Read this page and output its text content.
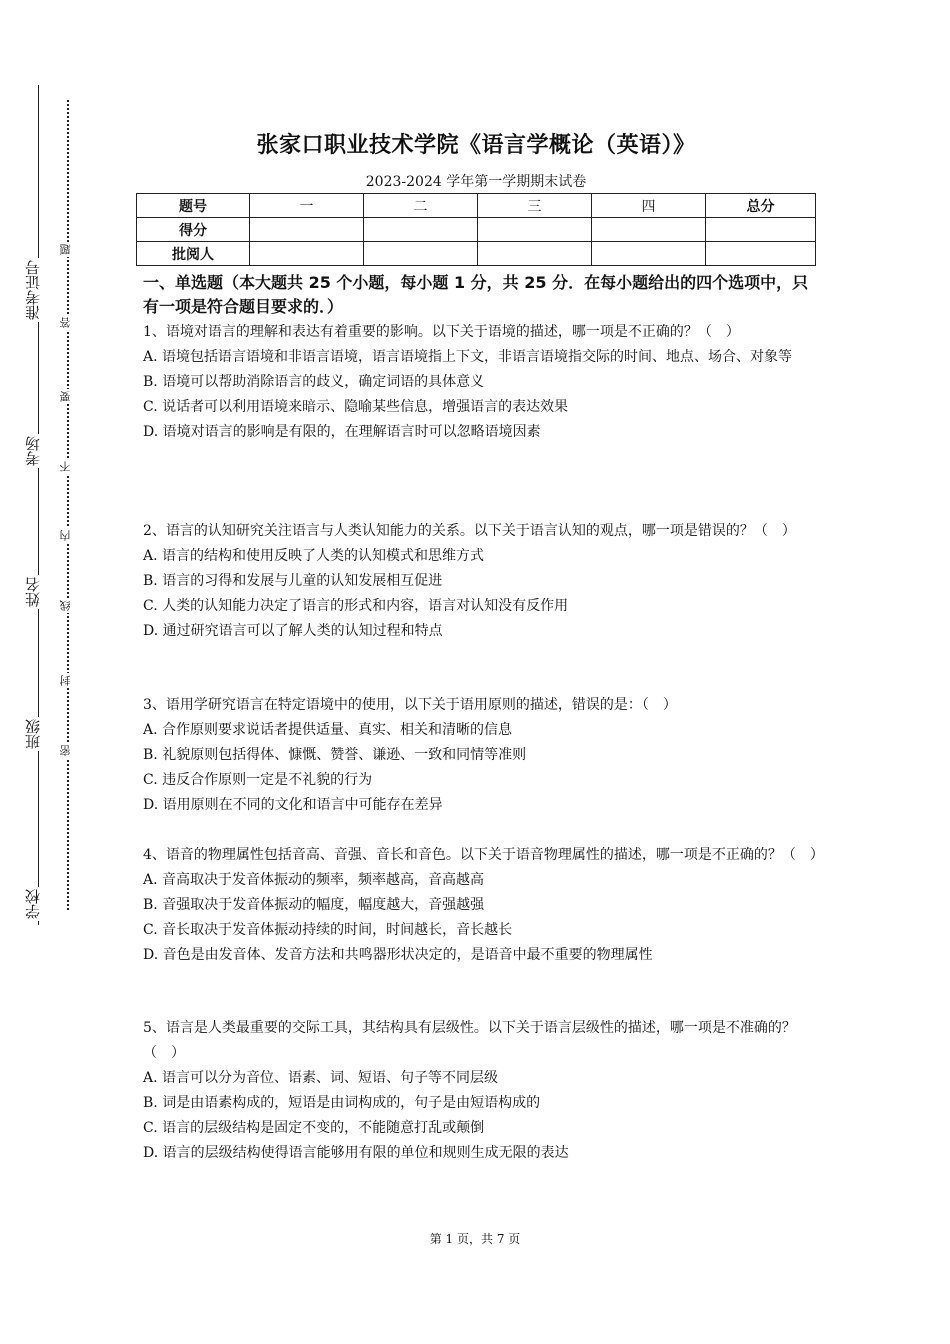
准考证号
考场
姓名
班级
学校
题
答
要
不
内
线
封
密
张家口职业技术学院《语言学概论（英语）》
2023-2024 学年第一学期期末试卷
题号	一	二	三	四	总分
得分					
批阅人					
一、单选题（本大题共 25 个小题，每小题 1 分，共 25 分．在每小题给出的四个选项中，只有一项是符合题目要求的．）

1、语境对语言的理解和表达有着重要的影响。以下关于语境的描述，哪一项是不正确的？（　）

A. 语境包括语言语境和非语言语境，语言语境指上下文，非语言语境指交际的时间、地点、场合、对象等
B. 语境可以帮助消除语言的歧义，确定词语的具体意义
C. 说话者可以利用语境来暗示、隐喻某些信息，增强语言的表达效果
D. 语境对语言的影响是有限的，在理解语言时可以忽略语境因素

2、语言的认知研究关注语言与人类认知能力的关系。以下关于语言认知的观点，哪一项是错误的？（　）

A. 语言的结构和使用反映了人类的认知模式和思维方式
B. 语言的习得和发展与儿童的认知发展相互促进
C. 人类的认知能力决定了语言的形式和内容，语言对认知没有反作用
D. 通过研究语言可以了解人类的认知过程和特点

3、语用学研究语言在特定语境中的使用，以下关于语用原则的描述，错误的是：（　）

A. 合作原则要求说话者提供适量、真实、相关和清晰的信息
B. 礼貌原则包括得体、慷慨、赞誉、谦逊、一致和同情等准则
C. 违反合作原则一定是不礼貌的行为
D. 语用原则在不同的文化和语言中可能存在差异

4、语音的物理属性包括音高、音强、音长和音色。以下关于语音物理属性的描述，哪一项是不正确的？（　）

A. 音高取决于发音体振动的频率，频率越高，音高越高
B. 音强取决于发音体振动的幅度，幅度越大，音强越强
C. 音长取决于发音体振动持续的时间，时间越长，音长越长
D. 音色是由发音体、发音方法和共鸣器形状决定的，是语音中最不重要的物理属性

5、语言是人类最重要的交际工具，其结构具有层级性。以下关于语言层级性的描述，哪一项是不准确的？（　）

A. 语言可以分为音位、语素、词、短语、句子等不同层级
B. 词是由语素构成的，短语是由词构成的，句子是由短语构成的
C. 语言的层级结构是固定不变的，不能随意打乱或颠倒
D. 语言的层级结构使得语言能够用有限的单位和规则生成无限的表达
第 1 页，共 7 页
